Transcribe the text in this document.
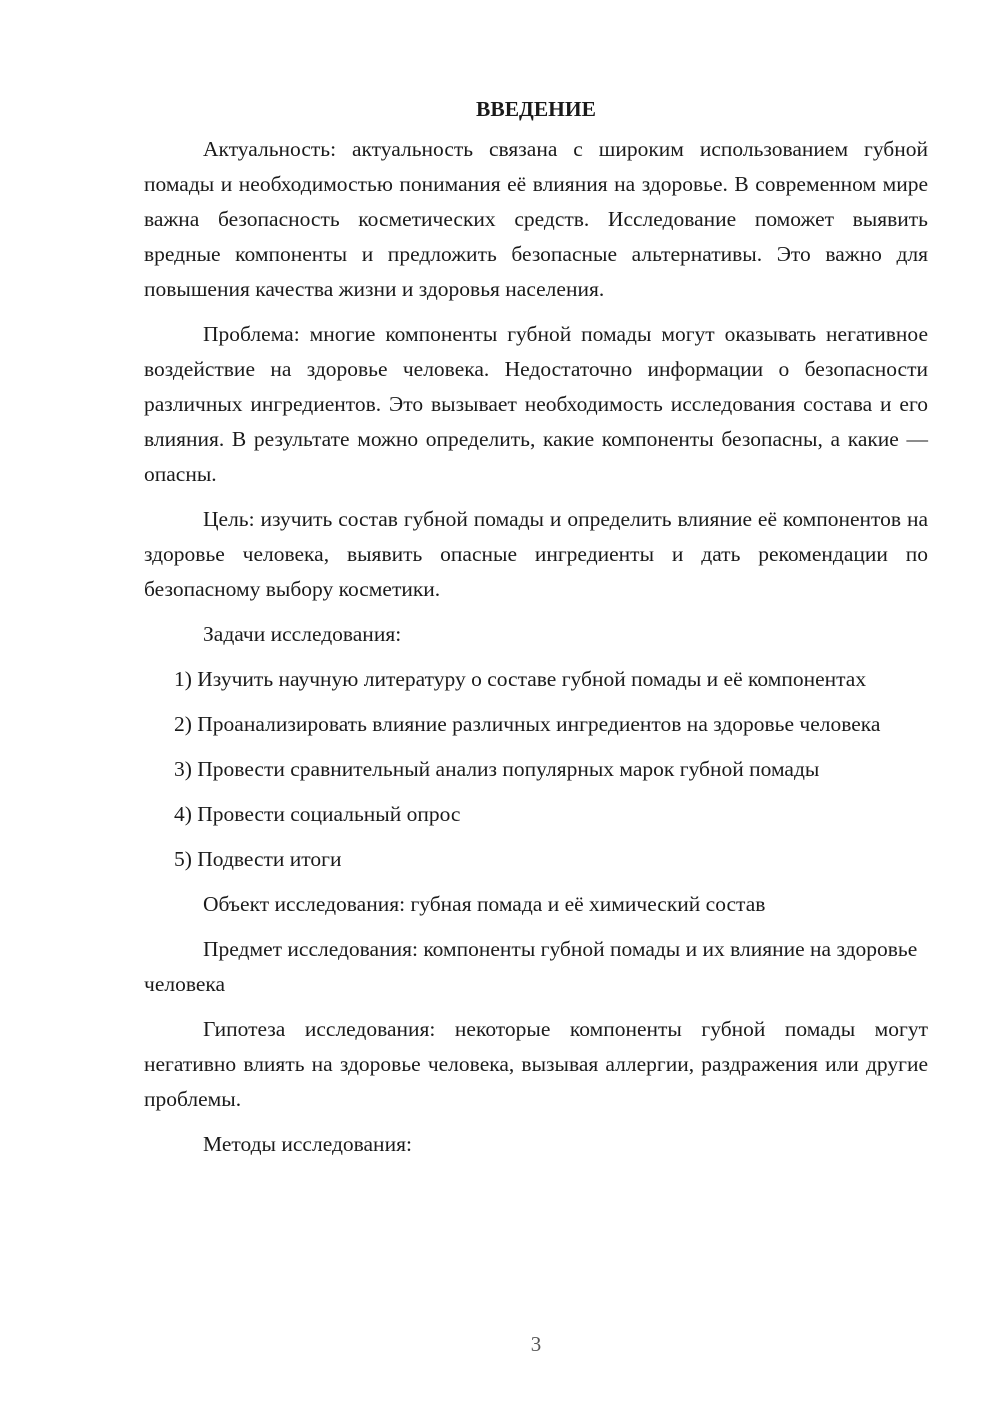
ВВЕДЕНИЕ
Актуальность: актуальность связана с широким использованием губной помады и необходимостью понимания её влияния на здоровье. В современном мире важна безопасность косметических средств. Исследование поможет выявить вредные компоненты и предложить безопасные альтернативы. Это важно для повышения качества жизни и здоровья населения.
Проблема: многие компоненты губной помады могут оказывать негативное воздействие на здоровье человека. Недостаточно информации о безопасности различных ингредиентов. Это вызывает необходимость исследования состава и его влияния. В результате можно определить, какие компоненты безопасны, а какие — опасны.
Цель: изучить состав губной помады и определить влияние её компонентов на здоровье человека, выявить опасные ингредиенты и дать рекомендации по безопасному выбору косметики.
Задачи исследования:
1) Изучить научную литературу о составе губной помады и её компонентах
2) Проанализировать влияние различных ингредиентов на здоровье человека
3) Провести сравнительный анализ популярных марок губной помады
4) Провести социальный опрос
5) Подвести итоги
Объект исследования: губная помада и её химический состав
Предмет исследования: компоненты губной помады и их влияние на здоровье человека
Гипотеза исследования: некоторые компоненты губной помады могут негативно влиять на здоровье человека, вызывая аллергии, раздражения или другие проблемы.
Методы исследования:
3
